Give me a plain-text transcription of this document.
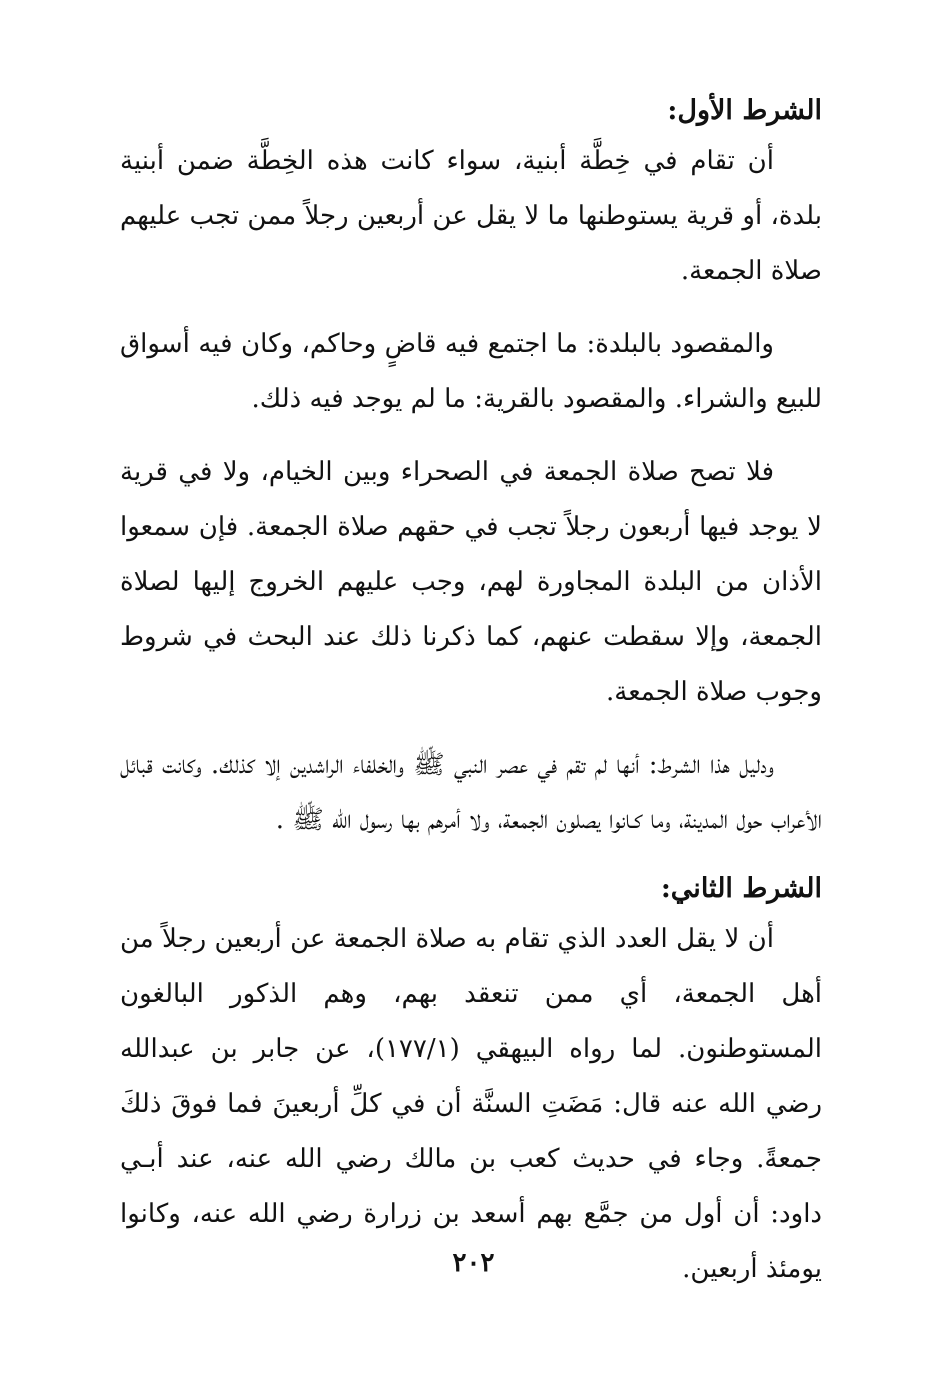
الشرط الأول:

أن تقام في خِطَّة أبنية، سواء كانت هذه الخِطَّة ضمن أبنية بلدة، أو قرية يستوطنها ما لا يقل عن أربعين رجلاً ممن تجب عليهم صلاة الجمعة.

والمقصود بالبلدة: ما اجتمع فيه قاضٍ وحاكم، وكان فيه أسواق للبيع والشراء. والمقصود بالقرية: ما لم يوجد فيه ذلك.

فلا تصح صلاة الجمعة في الصحراء وبين الخيام، ولا في قرية لا يوجد فيها أربعون رجلاً تجب في حقهم صلاة الجمعة. فإن سمعوا الأذان من البلدة المجاورة لهم، وجب عليهم الخروج إليها لصلاة الجمعة، وإلا سقطت عنهم، كما ذكرنا ذلك عند البحث في شروط وجوب صلاة الجمعة.

ودليل هذا الشرط: أنها لم تقم في عصر النبي ﷺ والخلفاء الراشدين إلا كذلك. وكانت قبائل الأعراب حول المدينة، وما كـانوا يصلون الجمعة، ولا أمرهم بها رسول الله ﷺ .

الشرط الثاني:

أن لا يقل العدد الذي تقام به صلاة الجمعة عن أربعين رجلاً من أهل الجمعة، أي ممن تنعقد بهم، وهم الذكور البالغون المستوطنون. لما رواه البيهقي (١٧٧/١)، عن جابر بن عبدالله رضي الله عنه قال: مَضَتِ السنَّة أن في كلِّ أربعينَ فما فوقَ ذلكَ جمعةً. وجاء في حديث كعب بن مالك رضي الله عنه، عند أبـي داود: أن أول من جمَّع بهم أسعد بن زرارة رضي الله عنه، وكانوا يومئذ أربعين.

٢٠٢
